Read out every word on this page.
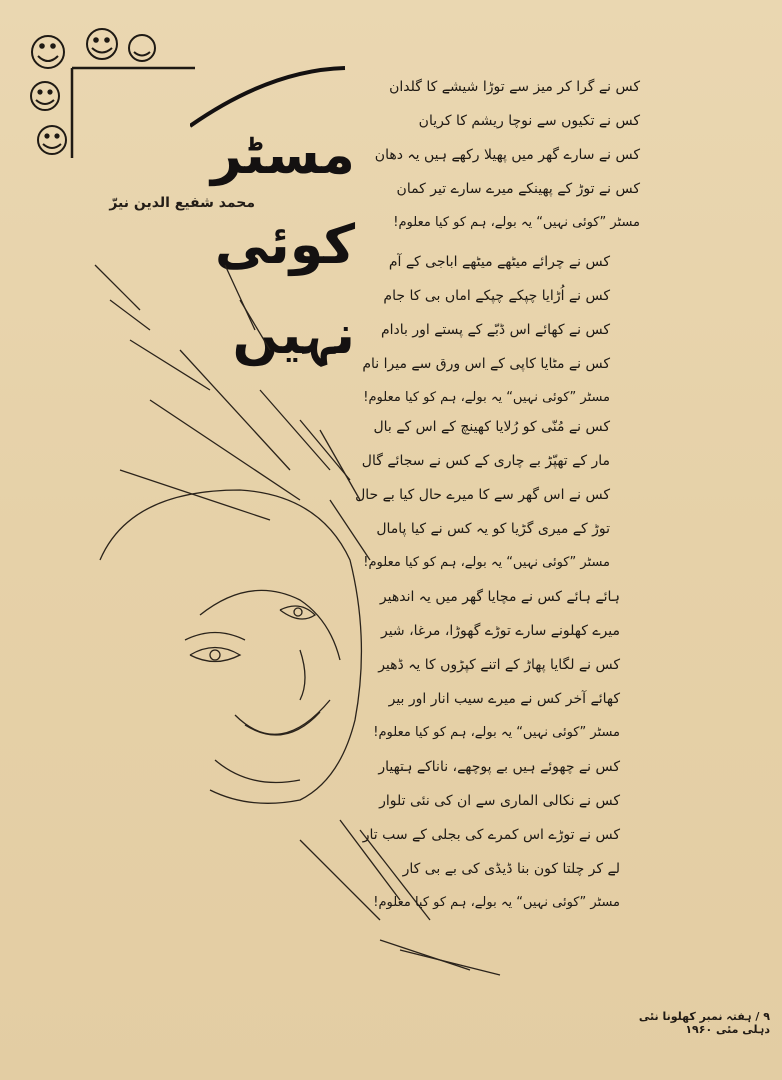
مسٹر کوئی نہیں
محمد شفیع الدین نیرّ
کس نے گرا کر میز سے توڑا شیشے کا گلدان
کس نے تکیوں سے نوچا ریشم کا کریان
کس نے سارے گھر میں پھیلا رکھے ہیں یہ دھان
کس نے توڑ کے پھینکے میرے سارے تیر کمان
مسٹر ”کوئی نہیں“ یہ بولے، ہم کو کیا معلوم!
کس نے چرائے میٹھے میٹھے اباجی کے آم
کس نے اُڑایا چپکے چپکے اماں بی کا جام
کس نے کھائے اس ڈبّے کے پستے اور بادام
کس نے مٹایا کاپی کے اس ورق سے میرا نام
مسٹر ”کوئی نہیں“ یہ بولے، ہم کو کیا معلوم!
کس نے مُنّی کو رُلایا کھینچ کے اس کے بال
مار کے تھپّڑ بے چاری کے کس نے سجائے گال
کس نے اس گھر سے کا میرے حال کیا بے حال
توڑ کے میری گڑیا کو یہ کس نے کیا پامال
مسٹر ”کوئی نہیں“ یہ بولے، ہم کو کیا معلوم!
ہائے ہائے کس نے مچایا گھر میں یہ اندھیر
میرے کھلونے سارے توڑے گھوڑا، مرغا، شیر
کس نے لگایا پھاڑ کے اتنے کپڑوں کا یہ ڈھیر
کھائے آخر کس نے میرے سیب انار اور بیر
مسٹر ”کوئی نہیں“ یہ بولے، ہم کو کیا معلوم!
کس نے چھوئے ہیں بے پوچھے، ناناکے ہتھیار
کس نے نکالی الماری سے ان کی نئی تلوار
کس نے توڑے اس کمرے کی بجلی کے سب تار
لے کر چلتا کون بنا ڈیڈی کی بے بی کار
مسٹر ”کوئی نہیں“ یہ بولے، ہم کو کیا معلوم!
۹ / ہفتہ نمبر کھلونا نئی دہلی مئی ۱۹۶۰
